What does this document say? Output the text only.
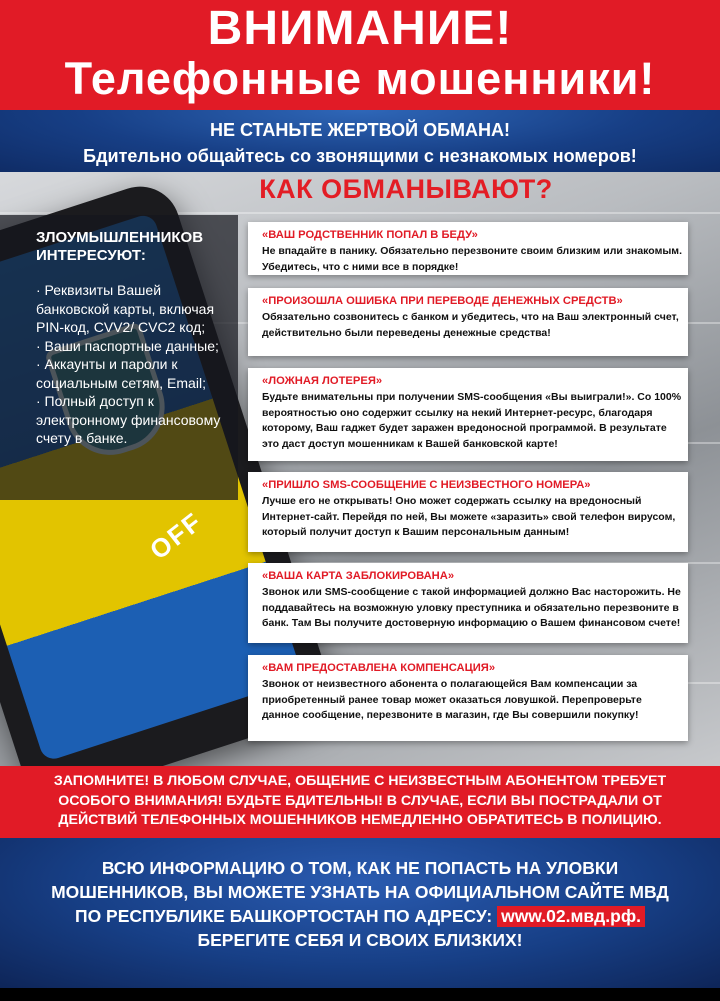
ВНИМАНИЕ!
Телефонные мошенники!
НЕ СТАНЬТЕ ЖЕРТВОЙ ОБМАНА!
Бдительно общайтесь со звонящими с незнакомых номеров!
OFF
КАК ОБМАНЫВАЮТ?
ЗЛОУМЫШЛЕННИКОВ ИНТЕРЕСУЮТ:
· Реквизиты Вашей банковской карты, включая PIN-код, CVV2/ CVC2 код;
· Ваши паспортные данные;
· Аккаунты и пароли к социальным сетям, Email;
· Полный доступ к электронному финансовому счету в банке.
«ВАШ РОДСТВЕННИК ПОПАЛ В БЕДУ»
Не впадайте в панику. Обязательно перезвоните своим близким или знакомым. Убедитесь, что с ними все в порядке!
«ПРОИЗОШЛА ОШИБКА ПРИ ПЕРЕВОДЕ ДЕНЕЖНЫХ СРЕДСТВ»
Обязательно созвонитесь с банком и убедитесь, что на Ваш электронный счет, действительно были переведены денежные средства!
«ЛОЖНАЯ ЛОТЕРЕЯ»
Будьте внимательны при получении SMS-сообщения «Вы выиграли!». Со 100% вероятностью оно содержит ссылку на некий Интернет-ресурс, благодаря которому, Ваш гаджет будет заражен вредоносной программой. В результате это даст доступ мошенникам к Вашей банковской карте!
«ПРИШЛО SMS-СООБЩЕНИЕ С НЕИЗВЕСТНОГО НОМЕРА»
Лучше его не открывать! Оно может содержать ссылку на вредоносный Интернет-сайт. Перейдя по ней, Вы можете «заразить» свой телефон вирусом, который получит доступ к Вашим персональным данным!
«ВАША КАРТА ЗАБЛОКИРОВАНА»
Звонок или SMS-сообщение с такой информацией должно Вас насторожить. Не поддавайтесь на возможную уловку преступника и обязательно перезвоните в банк. Там Вы получите достоверную информацию о Вашем финансовом счете!
«ВАМ ПРЕДОСТАВЛЕНА КОМПЕНСАЦИЯ»
Звонок от неизвестного абонента о полагающейся Вам компенсации за приобретенный ранее товар может оказаться ловушкой. Перепроверьте данное сообщение, перезвоните в магазин, где Вы совершили покупку!
ЗАПОМНИТЕ! В ЛЮБОМ СЛУЧАЕ, ОБЩЕНИЕ С НЕИЗВЕСТНЫМ АБОНЕНТОМ ТРЕБУЕТ ОСОБОГО ВНИМАНИЯ! БУДЬТЕ БДИТЕЛЬНЫ! В СЛУЧАЕ, ЕСЛИ ВЫ ПОСТРАДАЛИ ОТ ДЕЙСТВИЙ ТЕЛЕФОННЫХ МОШЕННИКОВ НЕМЕДЛЕННО ОБРАТИТЕСЬ В ПОЛИЦИЮ.
ВСЮ ИНФОРМАЦИЮ О ТОМ, КАК НЕ ПОПАСТЬ НА УЛОВКИ
МОШЕННИКОВ, ВЫ МОЖЕТЕ УЗНАТЬ НА ОФИЦИАЛЬНОМ САЙТЕ МВД
ПО РЕСПУБЛИКЕ БАШКОРТОСТАН ПО АДРЕСУ: www.02.мвд.рф.
БЕРЕГИТЕ СЕБЯ И СВОИХ БЛИЗКИХ!
